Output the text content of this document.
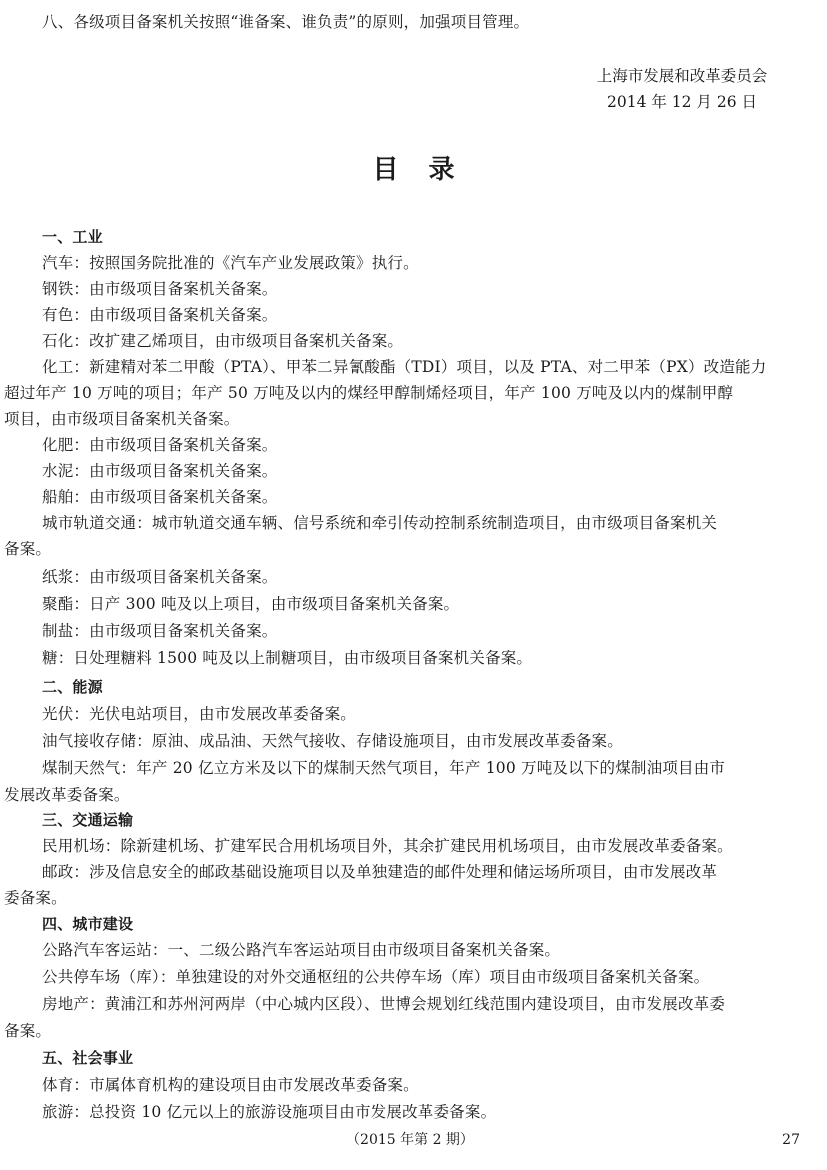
八、各级项目备案机关按照“谁备案、谁负责”的原则，加强项目管理。
上海市发展和改革委员会
2014 年 12 月 26 日
目录
一、工业
汽车：按照国务院批准的《汽车产业发展政策》执行。
钢铁：由市级项目备案机关备案。
有色：由市级项目备案机关备案。
石化：改扩建乙烯项目，由市级项目备案机关备案。
化工：新建精对苯二甲酸（PTA）、甲苯二异氰酸酯（TDI）项目，以及 PTA、对二甲苯（PX）改造能力
超过年产 10 万吨的项目；年产 50 万吨及以内的煤经甲醇制烯烃项目，年产 100 万吨及以内的煤制甲醇
项目，由市级项目备案机关备案。
化肥：由市级项目备案机关备案。
水泥：由市级项目备案机关备案。
船舶：由市级项目备案机关备案。
城市轨道交通：城市轨道交通车辆、信号系统和牵引传动控制系统制造项目，由市级项目备案机关
备案。
纸浆：由市级项目备案机关备案。
聚酯：日产 300 吨及以上项目，由市级项目备案机关备案。
制盐：由市级项目备案机关备案。
糖：日处理糖料 1500 吨及以上制糖项目，由市级项目备案机关备案。
二、能源
光伏：光伏电站项目，由市发展改革委备案。
油气接收存储：原油、成品油、天然气接收、存储设施项目，由市发展改革委备案。
煤制天然气：年产 20 亿立方米及以下的煤制天然气项目，年产 100 万吨及以下的煤制油项目由市
发展改革委备案。
三、交通运输
民用机场：除新建机场、扩建军民合用机场项目外，其余扩建民用机场项目，由市发展改革委备案。
邮政：涉及信息安全的邮政基础设施项目以及单独建造的邮件处理和储运场所项目，由市发展改革
委备案。
四、城市建设
公路汽车客运站：一、二级公路汽车客运站项目由市级项目备案机关备案。
公共停车场（库）：单独建设的对外交通枢纽的公共停车场（库）项目由市级项目备案机关备案。
房地产：黄浦江和苏州河两岸（中心城内区段）、世博会规划红线范围内建设项目，由市发展改革委
备案。
五、社会事业
体育：市属体育机构的建设项目由市发展改革委备案。
旅游：总投资 10 亿元以上的旅游设施项目由市发展改革委备案。
（2015 年第 2 期）	27
